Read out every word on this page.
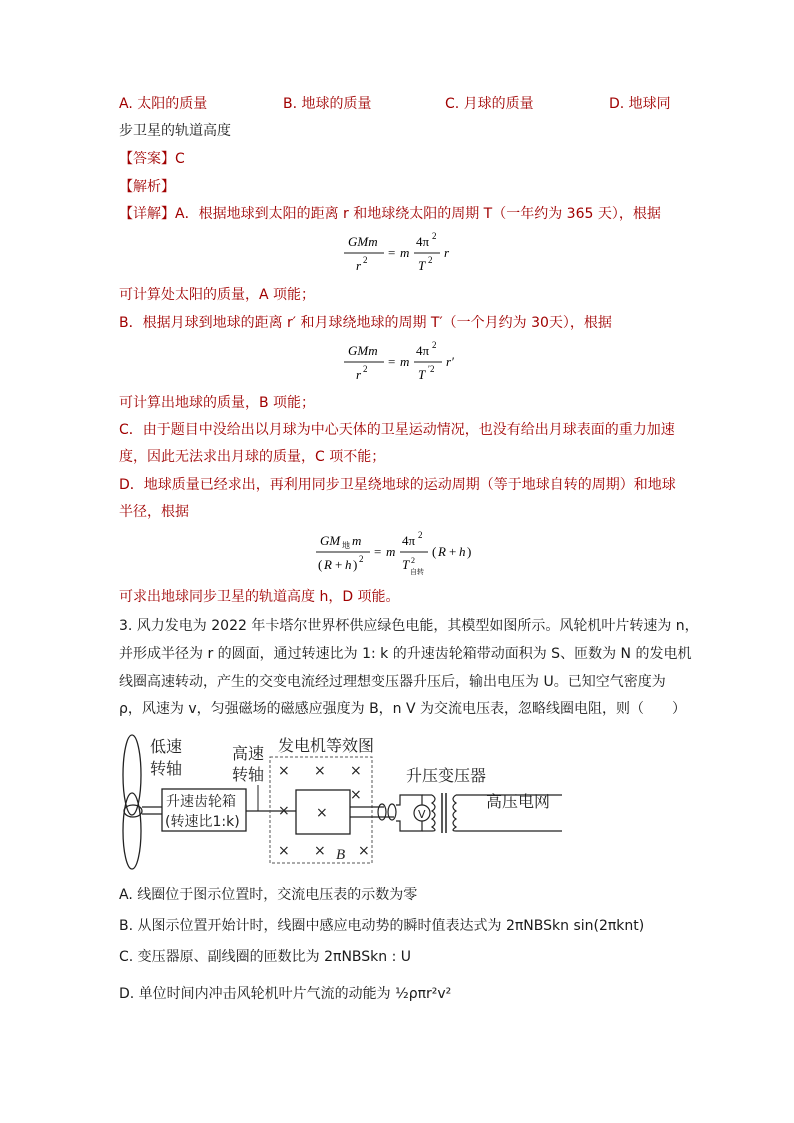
A. 太阳的质量	B. 地球的质量	C. 月球的质量	D. 地球同
步卫星的轨道高度
【答案】C
【解析】
【详解】A．根据地球到太阳的距离 r 和地球绕太阳的周期 T（一年约为 365 天），根据
GMm
r 2 = m
4π 2
T 2 r
可计算处太阳的质量，A 项能；
B．根据月球到地球的距离 r′ 和月球绕地球的周期 T′（一个月约为 30天），根据
GMm
r 2 = m
4π 2
T ′2 r′
可计算出地球的质量，B 项能；
C．由于题目中没给出以月球为中心天体的卫星运动情况，也没有给出月球表面的重力加速
度，因此无法求出月球的质量，C 项不能；
D．地球质量已经求出，再利用同步卫星绕地球的运动周期（等于地球自转的周期）和地球
半径，根据
GM 地 m
( R + h ) 2 = m
4π 2
T 2
自转
( R + h )
可求出地球同步卫星的轨道高度 h，D 项能。
3. 风力发电为 2022 年卡塔尔世界杯供应绿色电能，其模型如图所示。风轮机叶片转速为 n，
并形成半径为 r 的圆面，通过转速比为 1: k 的升速齿轮箱带动面积为 S、匝数为 N 的发电机
线圈高速转动，产生的交变电流经过理想变压器升压后，输出电压为 U。已知空气密度为
ρ，风速为 v，匀强磁场的磁感应强度为 B，n V 为交流电压表，忽略线圈电阻，则（　　）
低速
转轴
升速齿轮箱
(转速比1:k)
高速
转轴
发电机等效图
× × ×
×
×
× × ×
B
×	V
升压变压器
高压电网
A. 线圈位于图示位置时，交流电压表的示数为零
B. 从图示位置开始计时，线圈中感应电动势的瞬时值表达式为 2πNBSkn sin(2πknt)
C. 变压器原、副线圈的匝数比为 2πNBSkn : U
D. 单位时间内冲击风轮机叶片气流的动能为 ½ρπr²v²
